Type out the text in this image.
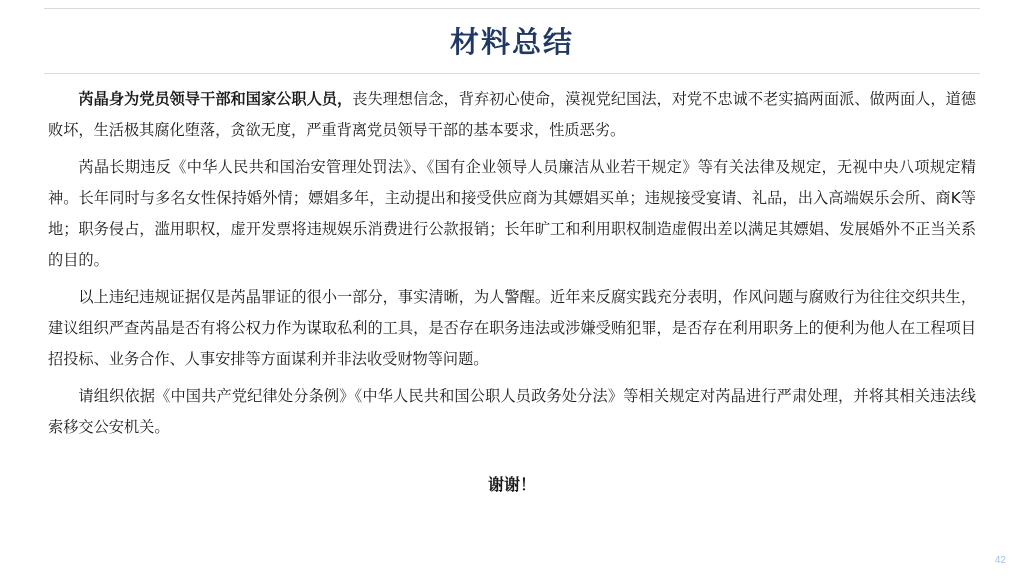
材料总结

芮晶身为党员领导干部和国家公职人员，丧失理想信念，背弃初心使命，漠视党纪国法，对党不忠诚不老实搞两面派、做两面人，道德败坏，生活极其腐化堕落，贪欲无度，严重背离党员领导干部的基本要求，性质恶劣。

芮晶长期违反《中华人民共和国治安管理处罚法》、《国有企业领导人员廉洁从业若干规定》等有关法律及规定，无视中央八项规定精神。长年同时与多名女性保持婚外情；嫖娼多年，主动提出和接受供应商为其嫖娼买单；违规接受宴请、礼品，出入高端娱乐会所、商K等地；职务侵占，滥用职权，虚开发票将违规娱乐消费进行公款报销；长年旷工和利用职权制造虚假出差以满足其嫖娼、发展婚外不正当关系的目的。

以上违纪违规证据仅是芮晶罪证的很小一部分，事实清晰，为人警醒。近年来反腐实践充分表明，作风问题与腐败行为往往交织共生，建议组织严查芮晶是否有将公权力作为谋取私利的工具，是否存在职务违法或涉嫌受贿犯罪，是否存在利用职务上的便利为他人在工程项目招投标、业务合作、人事安排等方面谋利并非法收受财物等问题。

请组织依据《中国共产党纪律处分条例》《中华人民共和国公职人员政务处分法》等相关规定对芮晶进行严肃处理，并将其相关违法线索移交公安机关。

谢谢！
42
